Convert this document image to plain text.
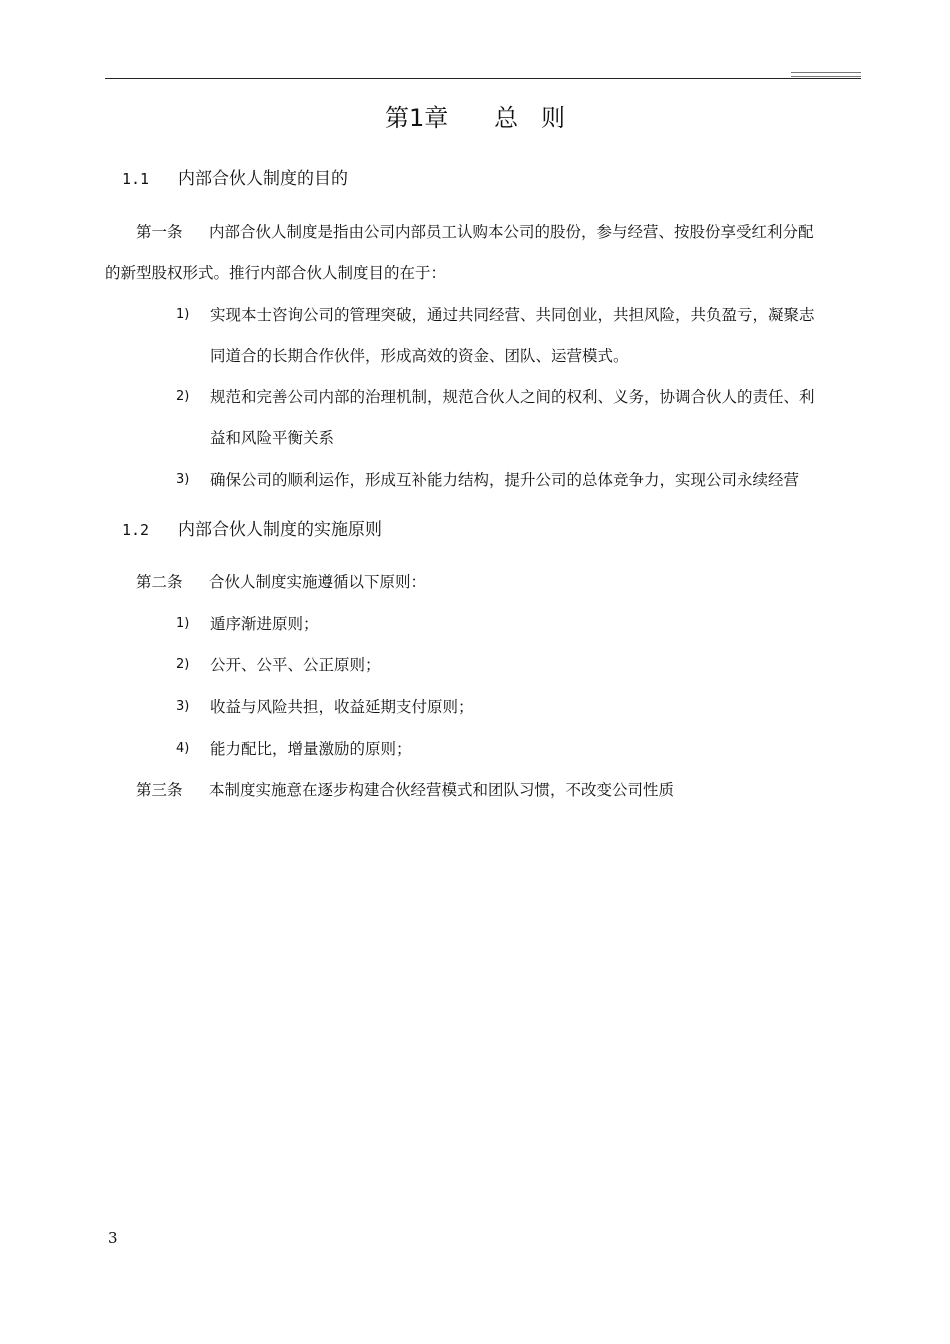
第1章      总   则
1.1 内部合伙人制度的目的
第一条 内部合伙人制度是指由公司内部员工认购本公司的股份，参与经营、按股份享受红利分配
的新型股权形式。推行内部合伙人制度目的在于：
1) 实现本士咨询公司的管理突破，通过共同经营、共同创业，共担风险，共负盈亏，凝聚志
同道合的长期合作伙伴，形成高效的资金、团队、运营模式。
2) 规范和完善公司内部的治理机制，规范合伙人之间的权利、义务，协调合伙人的责任、利
益和风险平衡关系
3) 确保公司的顺利运作，形成互补能力结构，提升公司的总体竞争力，实现公司永续经营
1.2 内部合伙人制度的实施原则
第二条 合伙人制度实施遵循以下原则：
1) 遁序渐进原则；
2) 公开、公平、公正原则；
3) 收益与风险共担，收益延期支付原则；
4) 能力配比，增量激励的原则；
第三条 本制度实施意在逐步构建合伙经营模式和团队习惯，不改变公司性质
3
